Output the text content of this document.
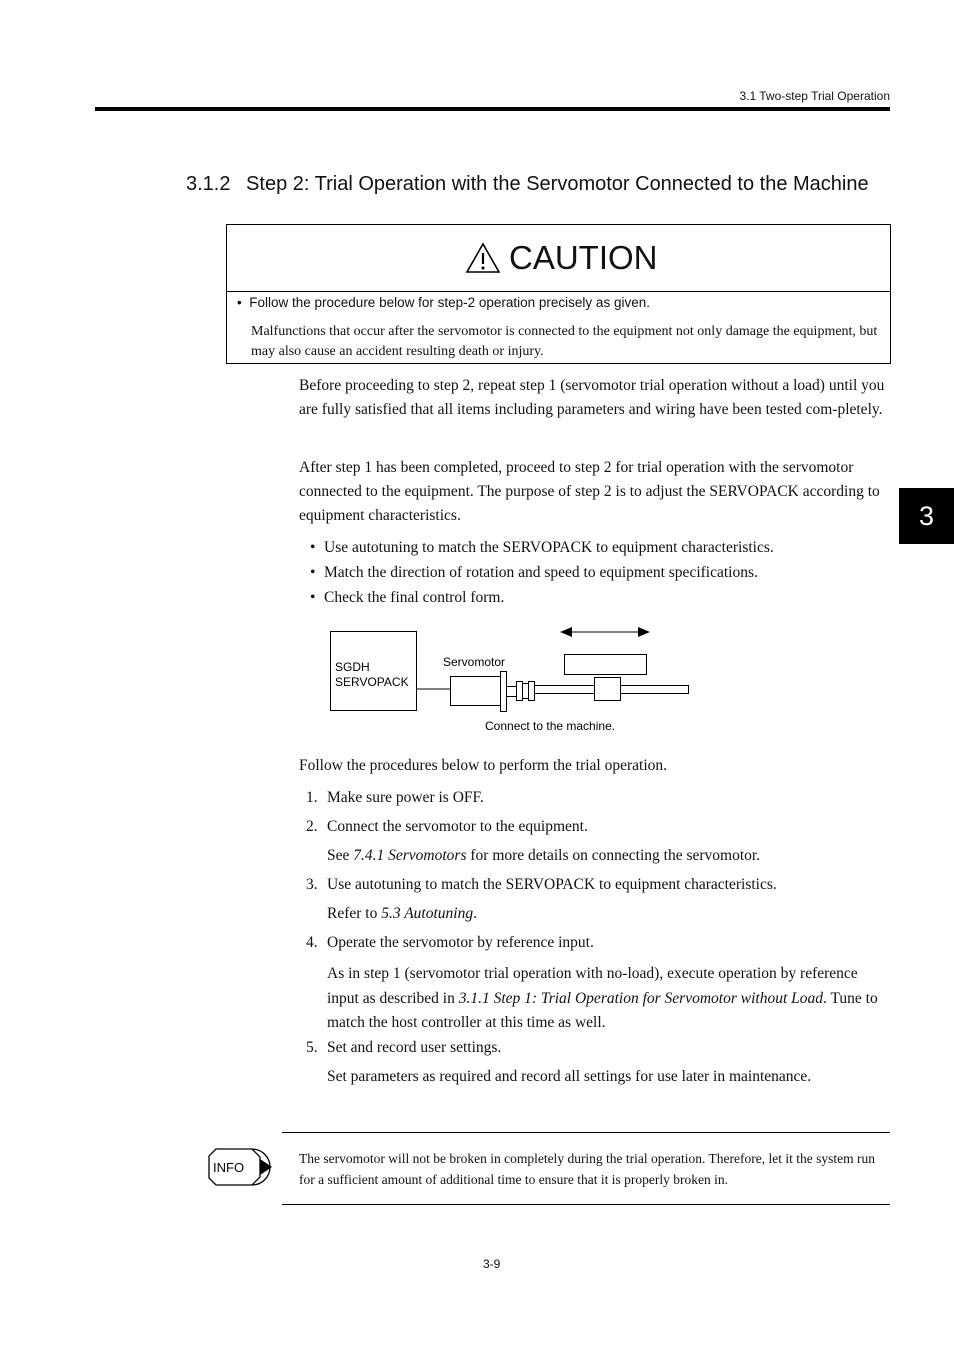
3.1 Two-step Trial Operation
3.1.2 Step 2: Trial Operation with the Servomotor Connected to the Machine
CAUTION
• Follow the procedure below for step-2 operation precisely as given.
Malfunctions that occur after the servomotor is connected to the equipment not only damage the equipment, but may also cause an accident resulting death or injury.
Before proceeding to step 2, repeat step 1 (servomotor trial operation without a load) until you are fully satisfied that all items including parameters and wiring have been tested com-pletely.
After step 1 has been completed, proceed to step 2 for trial operation with the servomotor connected to the equipment. The purpose of step 2 is to adjust the SERVOPACK according to equipment characteristics.
• Use autotuning to match the SERVOPACK to equipment characteristics.
• Match the direction of rotation and speed to equipment specifications.
• Check the final control form.
SGDH
SERVOPACK
Servomotor
Connect to the machine.
Follow the procedures below to perform the trial operation.
1. Make sure power is OFF.
2. Connect the servomotor to the equipment.
See 7.4.1 Servomotors for more details on connecting the servomotor.
3. Use autotuning to match the SERVOPACK to equipment characteristics.
Refer to 5.3 Autotuning.
4. Operate the servomotor by reference input.
As in step 1 (servomotor trial operation with no-load), execute operation by reference input as described in 3.1.1 Step 1: Trial Operation for Servomotor without Load. Tune to match the host controller at this time as well.
5. Set and record user settings.
Set parameters as required and record all settings for use later in maintenance.
INFO
The servomotor will not be broken in completely during the trial operation. Therefore, let it the system run for a sufficient amount of additional time to ensure that it is properly broken in.
3
3-9
